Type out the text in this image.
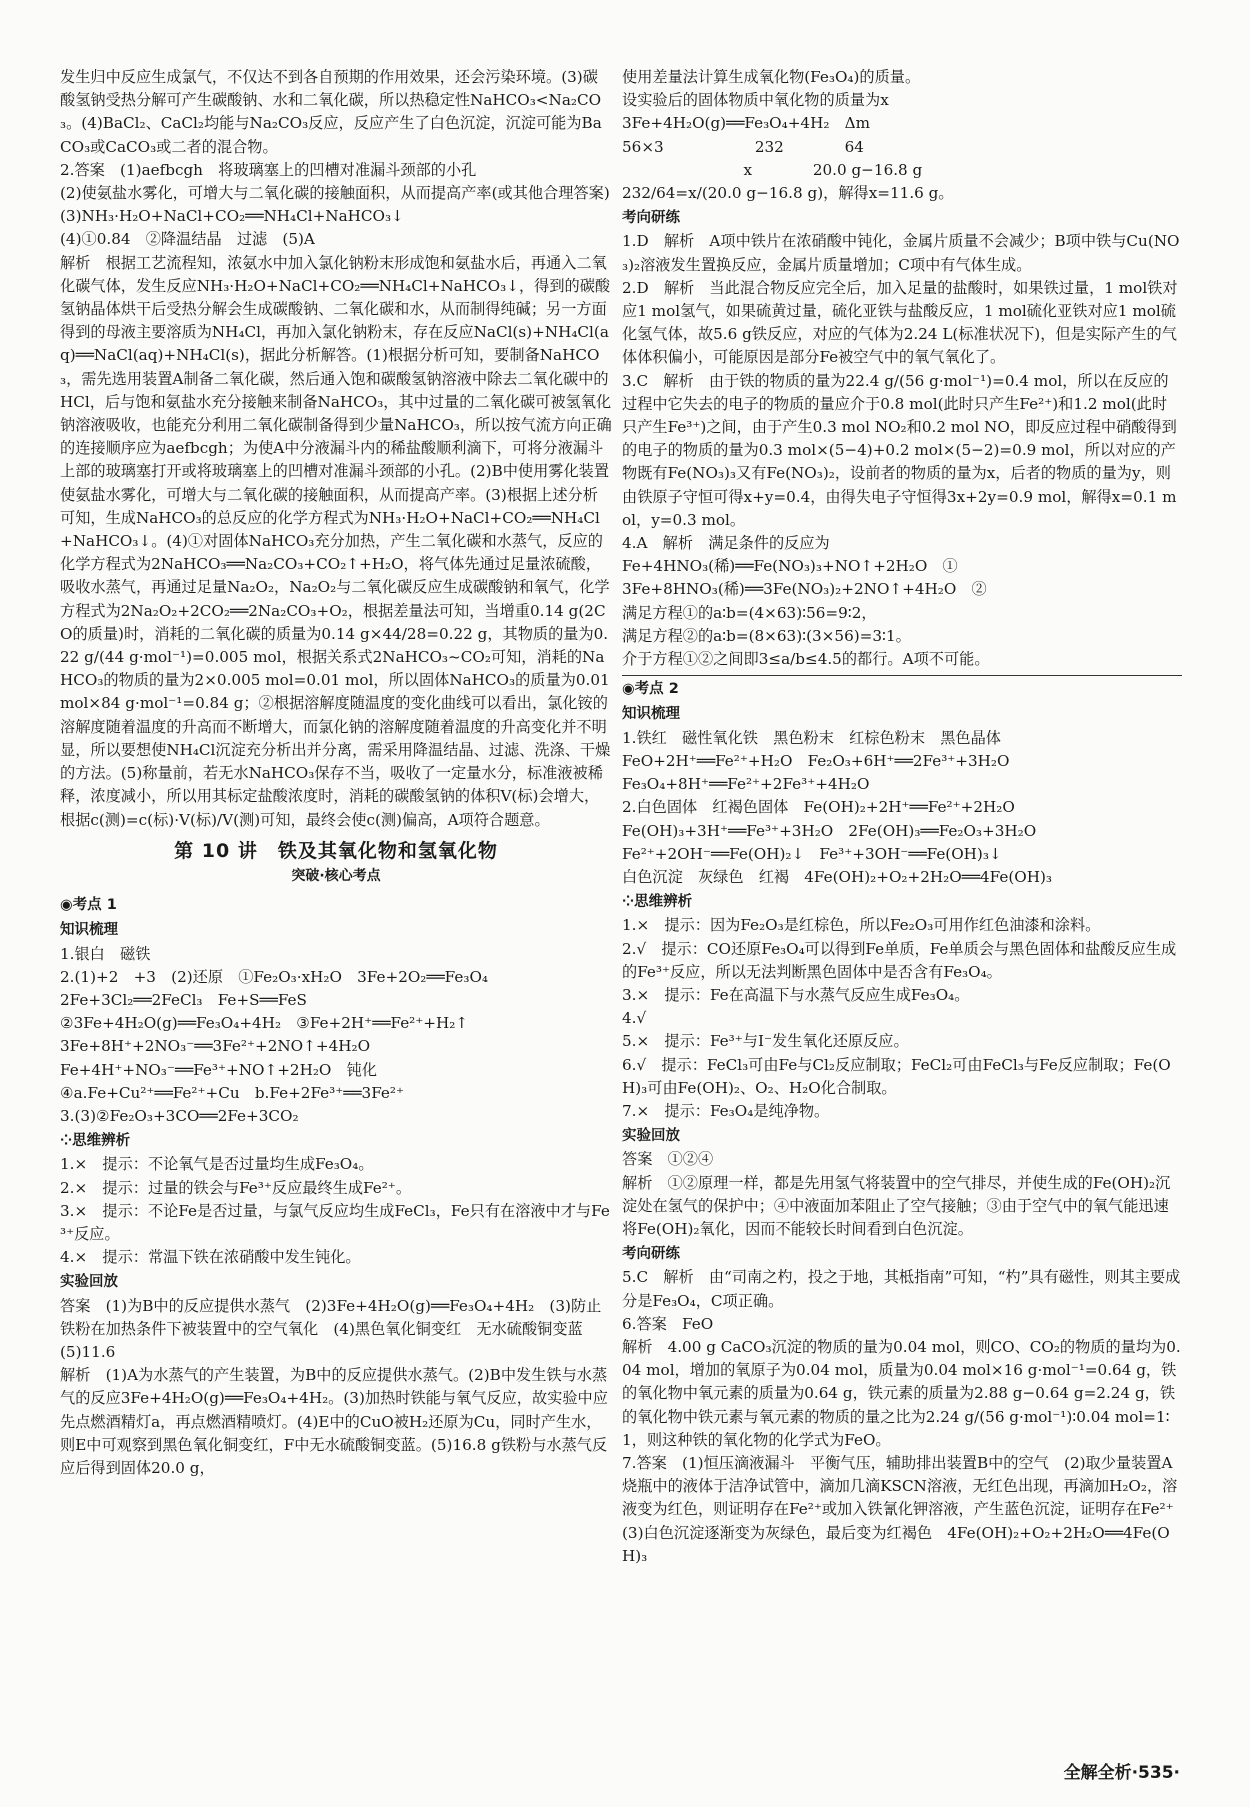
发生归中反应生成氯气，不仅达不到各自预期的作用效果，还会污染环境。(3)碳酸氢钠受热分解可产生碳酸钠、水和二氧化碳，所以热稳定性NaHCO₃<Na₂CO₃。(4)BaCl₂、CaCl₂均能与Na₂CO₃反应，反应产生了白色沉淀，沉淀可能为BaCO₃或CaCO₃或二者的混合物。

2.答案　(1)aefbcgh　将玻璃塞上的凹槽对准漏斗颈部的小孔

(2)使氨盐水雾化，可增大与二氧化碳的接触面积，从而提高产率(或其他合理答案)

(3)NH₃·H₂O+NaCl+CO₂══NH₄Cl+NaHCO₃↓

(4)①0.84　②降温结晶　过滤　(5)A

解析　根据工艺流程知，浓氨水中加入氯化钠粉末形成饱和氨盐水后，再通入二氧化碳气体，发生反应NH₃·H₂O+NaCl+CO₂══NH₄Cl+NaHCO₃↓，得到的碳酸氢钠晶体烘干后受热分解会生成碳酸钠、二氧化碳和水，从而制得纯碱；另一方面得到的母液主要溶质为NH₄Cl，再加入氯化钠粉末，存在反应NaCl(s)+NH₄Cl(aq)══NaCl(aq)+NH₄Cl(s)，据此分析解答。(1)根据分析可知，要制备NaHCO₃，需先选用装置A制备二氧化碳，然后通入饱和碳酸氢钠溶液中除去二氧化碳中的HCl，后与饱和氨盐水充分接触来制备NaHCO₃，其中过量的二氧化碳可被氢氧化钠溶液吸收，也能充分利用二氧化碳制备得到少量NaHCO₃，所以按气流方向正确的连接顺序应为aefbcgh；为使A中分液漏斗内的稀盐酸顺利滴下，可将分液漏斗上部的玻璃塞打开或将玻璃塞上的凹槽对准漏斗颈部的小孔。(2)B中使用雾化装置使氨盐水雾化，可增大与二氧化碳的接触面积，从而提高产率。(3)根据上述分析可知，生成NaHCO₃的总反应的化学方程式为NH₃·H₂O+NaCl+CO₂══NH₄Cl+NaHCO₃↓。(4)①对固体NaHCO₃充分加热，产生二氧化碳和水蒸气，反应的化学方程式为2NaHCO₃══Na₂CO₃+CO₂↑+H₂O，将气体先通过足量浓硫酸，吸收水蒸气，再通过足量Na₂O₂，Na₂O₂与二氧化碳反应生成碳酸钠和氧气，化学方程式为2Na₂O₂+2CO₂══2Na₂CO₃+O₂，根据差量法可知，当增重0.14 g(2CO的质量)时，消耗的二氧化碳的质量为0.14 g×44/28=0.22 g，其物质的量为0.22 g/(44 g·mol⁻¹)=0.005 mol，根据关系式2NaHCO₃~CO₂可知，消耗的NaHCO₃的物质的量为2×0.005 mol=0.01 mol，所以固体NaHCO₃的质量为0.01 mol×84 g·mol⁻¹=0.84 g；②根据溶解度随温度的变化曲线可以看出，氯化铵的溶解度随着温度的升高而不断增大，而氯化钠的溶解度随着温度的升高变化并不明显，所以要想使NH₄Cl沉淀充分析出并分离，需采用降温结晶、过滤、洗涤、干燥的方法。(5)称量前，若无水NaHCO₃保存不当，吸收了一定量水分，标准液被稀释，浓度减小，所以用其标定盐酸浓度时，消耗的碳酸氢钠的体积V(标)会增大，根据c(测)=c(标)·V(标)/V(测)可知，最终会使c(测)偏高，A项符合题意。

第 10 讲　铁及其氧化物和氢氧化物

突破·核心考点

◉考点 1

知识梳理

1.银白　磁铁

2.(1)+2　+3　(2)还原　①Fe₂O₃·xH₂O　3Fe+2O₂══Fe₃O₄

2Fe+3Cl₂══2FeCl₃　Fe+S══FeS

②3Fe+4H₂O(g)══Fe₃O₄+4H₂　③Fe+2H⁺══Fe²⁺+H₂↑

3Fe+8H⁺+2NO₃⁻══3Fe²⁺+2NO↑+4H₂O

Fe+4H⁺+NO₃⁻══Fe³⁺+NO↑+2H₂O　钝化

④a.Fe+Cu²⁺══Fe²⁺+Cu　b.Fe+2Fe³⁺══3Fe²⁺

3.(3)②Fe₂O₃+3CO══2Fe+3CO₂

⁘思维辨析

1.×　提示：不论氧气是否过量均生成Fe₃O₄。

2.×　提示：过量的铁会与Fe³⁺反应最终生成Fe²⁺。

3.×　提示：不论Fe是否过量，与氯气反应均生成FeCl₃，Fe只有在溶液中才与Fe³⁺反应。

4.×　提示：常温下铁在浓硝酸中发生钝化。

实验回放

答案　(1)为B中的反应提供水蒸气　(2)3Fe+4H₂O(g)══Fe₃O₄+4H₂　(3)防止铁粉在加热条件下被装置中的空气氧化　(4)黑色氧化铜变红　无水硫酸铜变蓝　(5)11.6

解析　(1)A为水蒸气的产生装置，为B中的反应提供水蒸气。(2)B中发生铁与水蒸气的反应3Fe+4H₂O(g)══Fe₃O₄+4H₂。(3)加热时铁能与氧气反应，故实验中应先点燃酒精灯a，再点燃酒精喷灯。(4)E中的CuO被H₂还原为Cu，同时产生水，则E中可观察到黑色氧化铜变红，F中无水硫酸铜变蓝。(5)16.8 g铁粉与水蒸气反应后得到固体20.0 g，

使用差量法计算生成氧化物(Fe₃O₄)的质量。

设实验后的固体物质中氧化物的质量为x

3Fe+4H₂O(g)══Fe₃O₄+4H₂　Δm

56×3　　　　　　232　　　　64

　　　　　　　　x　　　　20.0 g−16.8 g

232/64=x/(20.0 g−16.8 g)，解得x=11.6 g。

考向研练

1.D　解析　A项中铁片在浓硝酸中钝化，金属片质量不会减少；B项中铁与Cu(NO₃)₂溶液发生置换反应，金属片质量增加；C项中有气体生成。

2.D　解析　当此混合物反应完全后，加入足量的盐酸时，如果铁过量，1 mol铁对应1 mol氢气，如果硫黄过量，硫化亚铁与盐酸反应，1 mol硫化亚铁对应1 mol硫化氢气体，故5.6 g铁反应，对应的气体为2.24 L(标准状况下)，但是实际产生的气体体积偏小，可能原因是部分Fe被空气中的氧气氧化了。

3.C　解析　由于铁的物质的量为22.4 g/(56 g·mol⁻¹)=0.4 mol，所以在反应的过程中它失去的电子的物质的量应介于0.8 mol(此时只产生Fe²⁺)和1.2 mol(此时只产生Fe³⁺)之间，由于产生0.3 mol NO₂和0.2 mol NO，即反应过程中硝酸得到的电子的物质的量为0.3 mol×(5−4)+0.2 mol×(5−2)=0.9 mol，所以对应的产物既有Fe(NO₃)₃又有Fe(NO₃)₂，设前者的物质的量为x，后者的物质的量为y，则由铁原子守恒可得x+y=0.4，由得失电子守恒得3x+2y=0.9 mol，解得x=0.1 mol，y=0.3 mol。

4.A　解析　满足条件的反应为

Fe+4HNO₃(稀)══Fe(NO₃)₃+NO↑+2H₂O　①

3Fe+8HNO₃(稀)══3Fe(NO₃)₂+2NO↑+4H₂O　②

满足方程①的a∶b=(4×63)∶56=9∶2，

满足方程②的a∶b=(8×63)∶(3×56)=3∶1。

介于方程①②之间即3≤a/b≤4.5的都行。A项不可能。

◉考点 2

知识梳理

1.铁红　磁性氧化铁　黑色粉末　红棕色粉末　黑色晶体

FeO+2H⁺══Fe²⁺+H₂O　Fe₂O₃+6H⁺══2Fe³⁺+3H₂O

Fe₃O₄+8H⁺══Fe²⁺+2Fe³⁺+4H₂O

2.白色固体　红褐色固体　Fe(OH)₂+2H⁺══Fe²⁺+2H₂O

Fe(OH)₃+3H⁺══Fe³⁺+3H₂O　2Fe(OH)₃══Fe₂O₃+3H₂O

Fe²⁺+2OH⁻══Fe(OH)₂↓　Fe³⁺+3OH⁻══Fe(OH)₃↓

白色沉淀　灰绿色　红褐　4Fe(OH)₂+O₂+2H₂O══4Fe(OH)₃

⁘思维辨析

1.×　提示：因为Fe₂O₃是红棕色，所以Fe₂O₃可用作红色油漆和涂料。

2.√　提示：CO还原Fe₃O₄可以得到Fe单质，Fe单质会与黑色固体和盐酸反应生成的Fe³⁺反应，所以无法判断黑色固体中是否含有Fe₃O₄。

3.×　提示：Fe在高温下与水蒸气反应生成Fe₃O₄。

4.√

5.×　提示：Fe³⁺与I⁻发生氧化还原反应。

6.√　提示：FeCl₃可由Fe与Cl₂反应制取；FeCl₂可由FeCl₃与Fe反应制取；Fe(OH)₃可由Fe(OH)₂、O₂、H₂O化合制取。

7.×　提示：Fe₃O₄是纯净物。

实验回放

答案　①②④

解析　①②原理一样，都是先用氢气将装置中的空气排尽，并使生成的Fe(OH)₂沉淀处在氢气的保护中；④中液面加苯阻止了空气接触；③由于空气中的氧气能迅速将Fe(OH)₂氧化，因而不能较长时间看到白色沉淀。

考向研练

5.C　解析　由“司南之杓，投之于地，其柢指南”可知，“杓”具有磁性，则其主要成分是Fe₃O₄，C项正确。

6.答案　FeO

解析　4.00 g CaCO₃沉淀的物质的量为0.04 mol，则CO、CO₂的物质的量均为0.04 mol，增加的氧原子为0.04 mol，质量为0.04 mol×16 g·mol⁻¹=0.64 g，铁的氧化物中氧元素的质量为0.64 g，铁元素的质量为2.88 g−0.64 g=2.24 g，铁的氧化物中铁元素与氧元素的物质的量之比为2.24 g/(56 g·mol⁻¹)∶0.04 mol=1∶1，则这种铁的氧化物的化学式为FeO。

7.答案　(1)恒压滴液漏斗　平衡气压，辅助排出装置B中的空气　(2)取少量装置A烧瓶中的液体于洁净试管中，滴加几滴KSCN溶液，无红色出现，再滴加H₂O₂，溶液变为红色，则证明存在Fe²⁺或加入铁氰化钾溶液，产生蓝色沉淀，证明存在Fe²⁺　(3)白色沉淀逐渐变为灰绿色，最后变为红褐色　4Fe(OH)₂+O₂+2H₂O══4Fe(OH)₃

全解全析·535·
